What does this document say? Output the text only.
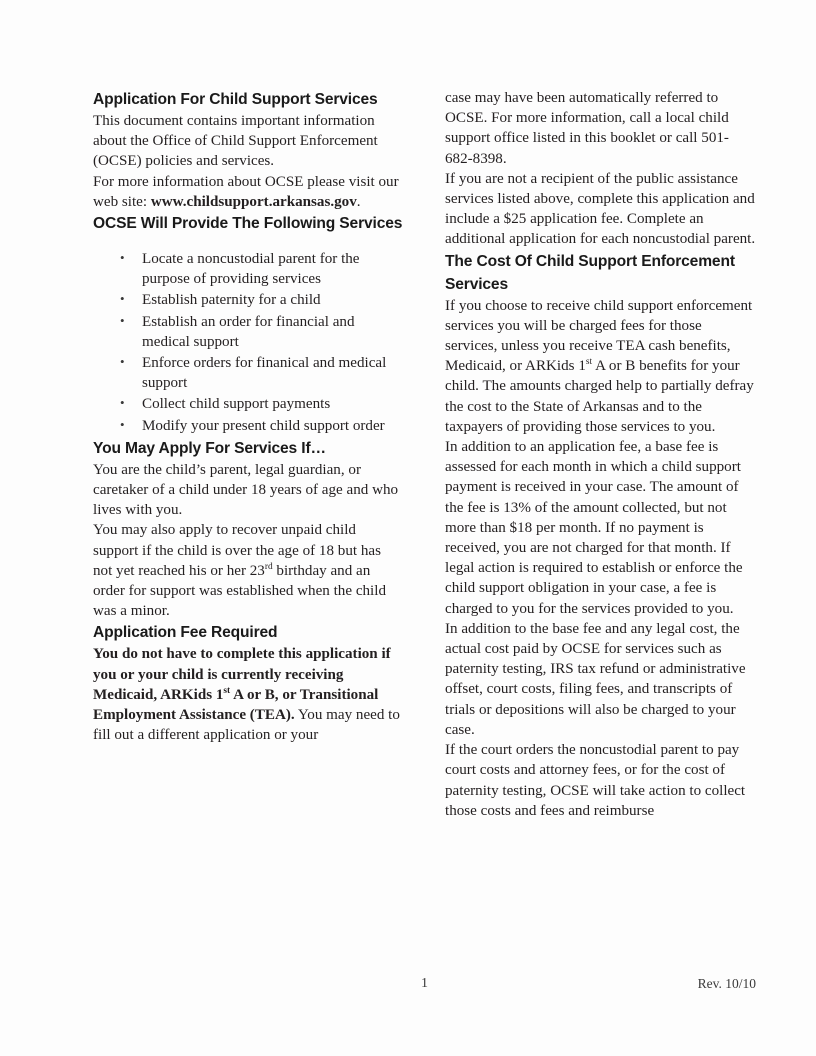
Application For Child Support Services

This document contains important information about the Office of Child Support Enforcement (OCSE) policies and services.

For more information about OCSE please visit our web site: www.childsupport.arkansas.gov.

OCSE Will Provide The Following Services
• Locate a noncustodial parent for the purpose of providing services
• Establish paternity for a child
• Establish an order for financial and medical support
• Enforce orders for finanical and medical support
• Collect child support payments
• Modify your present child support order
You May Apply For Services If…

You are the child’s parent, legal guardian, or caretaker of a child under 18 years of age and who lives with you.

You may also apply to recover unpaid child support if the child is over the age of 18 but has not yet reached his or her 23rd birthday and an order for support was established when the child was a minor.

Application Fee Required

You do not have to complete this application if you or your child is currently receiving Medicaid, ARKids 1st A or B, or Transitional Employment Assistance (TEA). You may need to fill out a different application or your

case may have been automatically referred to OCSE. For more information, call a local child support office listed in this booklet or call 501-682-8398.

If you are not a recipient of the public assistance services listed above, complete this application and include a $25 application fee. Complete an additional application for each noncustodial parent.

The Cost Of Child Support Enforcement Services

If you choose to receive child support enforcement services you will be charged fees for those services, unless you receive TEA cash benefits, Medicaid, or ARKids 1st A or B benefits for your child. The amounts charged help to partially defray the cost to the State of Arkansas and to the taxpayers of providing those services to you.

In addition to an application fee, a base fee is assessed for each month in which a child support payment is received in your case. The amount of the fee is 13% of the amount collected, but not more than $18 per month. If no payment is received, you are not charged for that month. If legal action is required to establish or enforce the child support obligation in your case, a fee is charged to you for the services provided to you.

In addition to the base fee and any legal cost, the actual cost paid by OCSE for services such as paternity testing, IRS tax refund or administrative offset, court costs, filing fees, and transcripts of trials or depositions will also be charged to your case.

If the court orders the noncustodial parent to pay court costs and attorney fees, or for the cost of paternity testing, OCSE will take action to collect those costs and fees and reimburse

1	Rev. 10/10
